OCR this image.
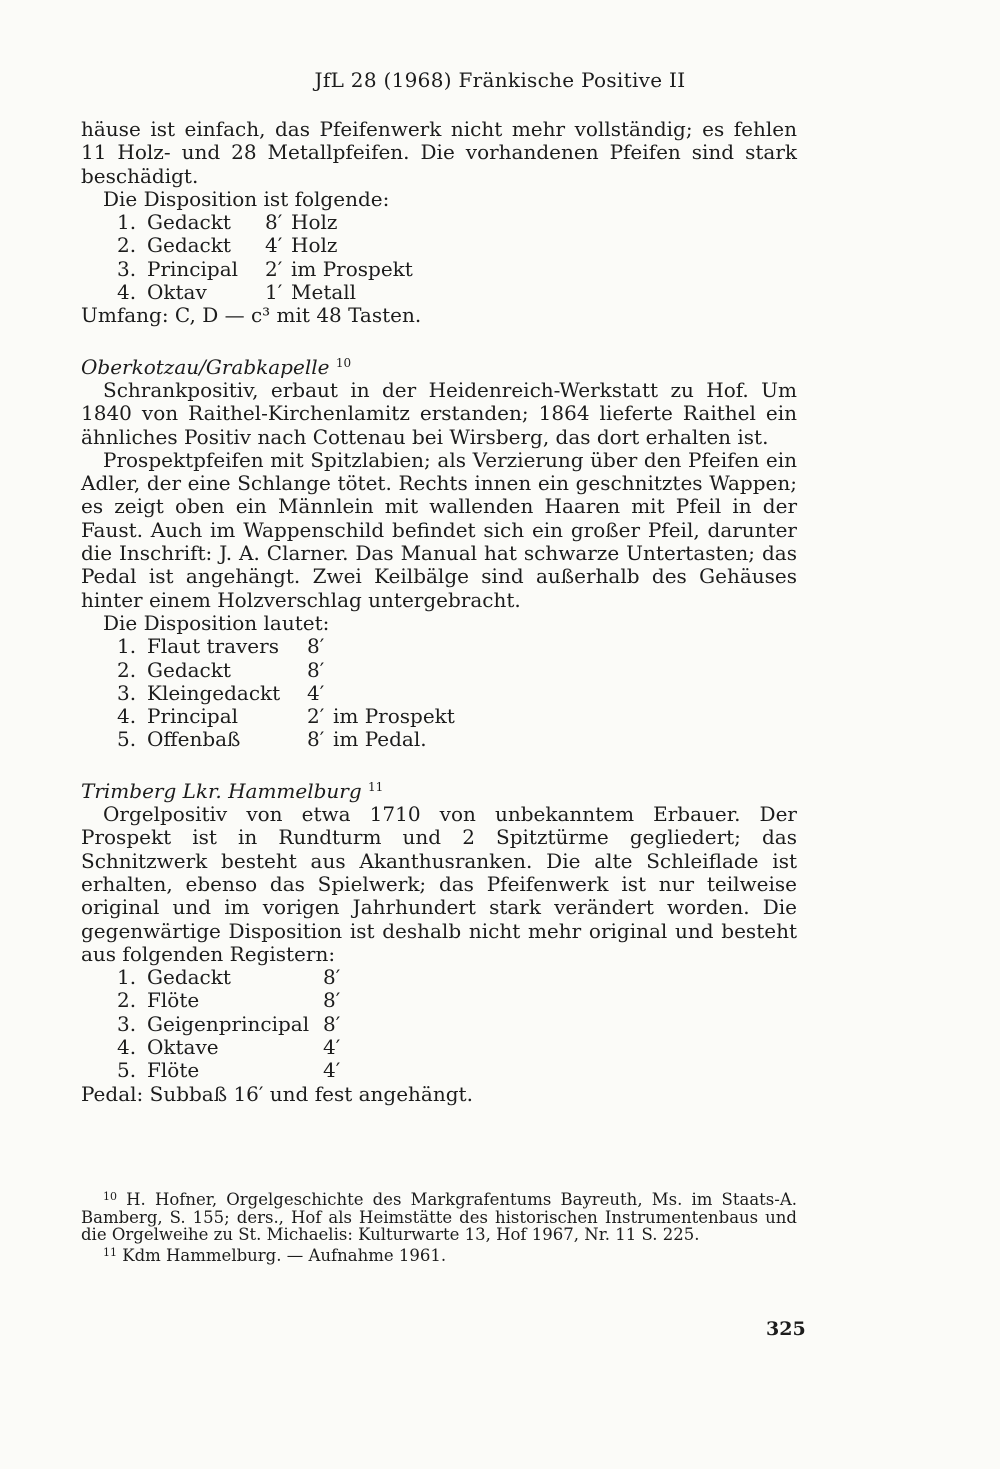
JfL 28 (1968) Fränkische Positive II

häuse ist einfach, das Pfeifenwerk nicht mehr vollständig; es fehlen 11 Holz- und 28 Metallpfeifen. Die vorhandenen Pfeifen sind stark beschädigt.

Die Disposition ist folgende:

1.	Gedackt	8′	Holz
2.	Gedackt	4′	Holz
3.	Principal	2′	im Prospekt
4.	Oktav	1′	Metall

Umfang: C, D — c³ mit 48 Tasten.

Oberkotzau/Grabkapelle $^{10}$

Schrankpositiv, erbaut in der Heidenreich-Werkstatt zu Hof. Um 1840 von Raithel-Kirchenlamitz erstanden; 1864 lieferte Raithel ein ähnliches Positiv nach Cottenau bei Wirsberg, das dort erhalten ist.

Prospektpfeifen mit Spitzlabien; als Verzierung über den Pfeifen ein Adler, der eine Schlange tötet. Rechts innen ein geschnitztes Wappen; es zeigt oben ein Männlein mit wallenden Haaren mit Pfeil in der Faust. Auch im Wappenschild befindet sich ein großer Pfeil, darunter die Inschrift: J. A. Clarner. Das Manual hat schwarze Untertasten; das Pedal ist angehängt. Zwei Keilbälge sind außerhalb des Gehäuses hinter einem Holzverschlag untergebracht.

Die Disposition lautet:

1.	Flaut travers	8′	
2.	Gedackt	8′	
3.	Kleingedackt	4′	
4.	Principal	2′	im Prospekt
5.	Offenbaß	8′	im Pedal.

Trimberg Lkr. Hammelburg $^{11}$

Orgelpositiv von etwa 1710 von unbekanntem Erbauer. Der Prospekt ist in Rundturm und 2 Spitztürme gegliedert; das Schnitzwerk besteht aus Akanthusranken. Die alte Schleiflade ist erhalten, ebenso das Spielwerk; das Pfeifenwerk ist nur teilweise original und im vorigen Jahrhundert stark verändert worden. Die gegenwärtige Disposition ist deshalb nicht mehr original und besteht aus folgenden Registern:

1.	Gedackt	8′	
2.	Flöte	8′	
3.	Geigenprincipal	8′	
4.	Oktave	4′	
5.	Flöte	4′	

Pedal: Subbaß 16′ und fest angehängt.

$^{10}$ H. Hofner, Orgelgeschichte des Markgrafentums Bayreuth, Ms. im Staats-A. Bamberg, S. 155; ders., Hof als Heimstätte des historischen Instrumentenbaus und die Orgelweihe zu St. Michaelis: Kulturwarte 13, Hof 1967, Nr. 11 S. 225.

$^{11}$ Kdm Hammelburg. — Aufnahme 1961.

325
